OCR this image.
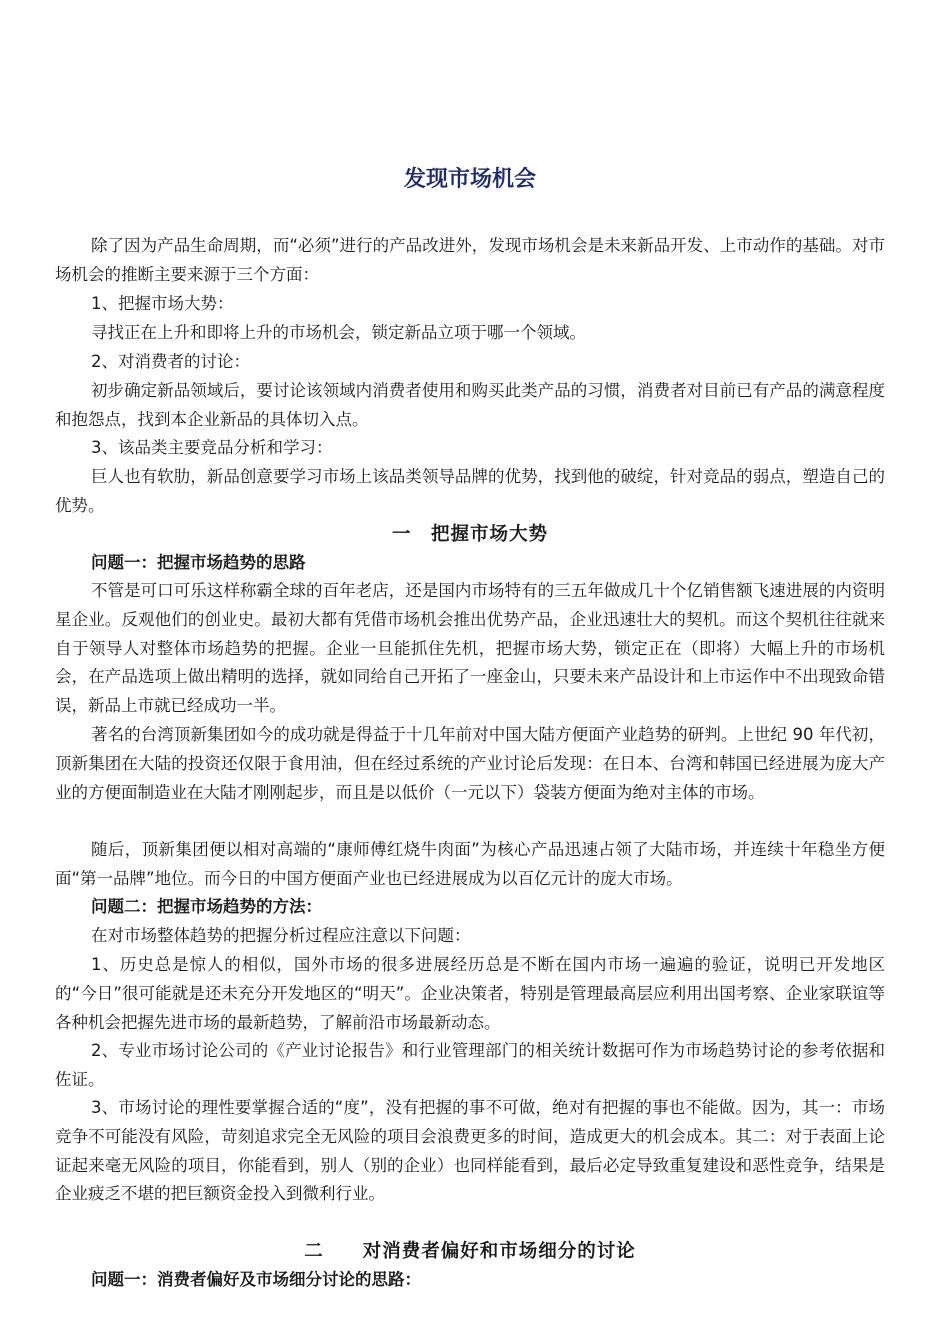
发现市场机会

除了因为产品生命周期，而“必须”进行的产品改进外，发现市场机会是未来新品开发、上市动作的基础。对市场机会的推断主要来源于三个方面：

1、把握市场大势：

寻找正在上升和即将上升的市场机会，锁定新品立项于哪一个领域。

2、对消费者的讨论：

初步确定新品领域后，要讨论该领域内消费者使用和购买此类产品的习惯，消费者对目前已有产品的满意程度和抱怨点，找到本企业新品的具体切入点。

3、该品类主要竞品分析和学习：

巨人也有软肋，新品创意要学习市场上该品类领导品牌的优势，找到他的破绽，针对竞品的弱点，塑造自己的优势。

一　把握市场大势
问题一：把握市场趋势的思路

不管是可口可乐这样称霸全球的百年老店，还是国内市场特有的三五年做成几十个亿销售额飞速进展的内资明星企业。反观他们的创业史。最初大都有凭借市场机会推出优势产品，企业迅速壮大的契机。而这个契机往往就来自于领导人对整体市场趋势的把握。企业一旦能抓住先机，把握市场大势，锁定正在（即将）大幅上升的市场机会，在产品选项上做出精明的选择，就如同给自己开拓了一座金山，只要未来产品设计和上市运作中不出现致命错误，新品上市就已经成功一半。

著名的台湾顶新集团如今的成功就是得益于十几年前对中国大陆方便面产业趋势的研判。上世纪 90 年代初，顶新集团在大陆的投资还仅限于食用油，但在经过系统的产业讨论后发现：在日本、台湾和韩国已经进展为庞大产业的方便面制造业在大陆才刚刚起步，而且是以低价（一元以下）袋装方便面为绝对主体的市场。

随后，顶新集团便以相对高端的“康师傅红烧牛肉面”为核心产品迅速占领了大陆市场，并连续十年稳坐方便面“第一品牌”地位。而今日的中国方便面产业也已经进展成为以百亿元计的庞大市场。

问题二：把握市场趋势的方法：

在对市场整体趋势的把握分析过程应注意以下问题：

1、历史总是惊人的相似，国外市场的很多进展经历总是不断在国内市场一遍遍的验证，说明已开发地区的“今日”很可能就是还未充分开发地区的“明天”。企业决策者，特别是管理最高层应利用出国考察、企业家联谊等各种机会把握先进市场的最新趋势，了解前沿市场最新动态。

2、专业市场讨论公司的《产业讨论报告》和行业管理部门的相关统计数据可作为市场趋势讨论的参考依据和佐证。

3、市场讨论的理性要掌握合适的“度”，没有把握的事不可做，绝对有把握的事也不能做。因为，其一：市场竞争不可能没有风险，苛刻追求完全无风险的项目会浪费更多的时间，造成更大的机会成本。其二：对于表面上论证起来毫无风险的项目，你能看到，别人（别的企业）也同样能看到，最后必定导致重复建设和恶性竞争，结果是企业疲乏不堪的把巨额资金投入到微利行业。

二　　对消费者偏好和市场细分的讨论
问题一：消费者偏好及市场细分讨论的思路：
